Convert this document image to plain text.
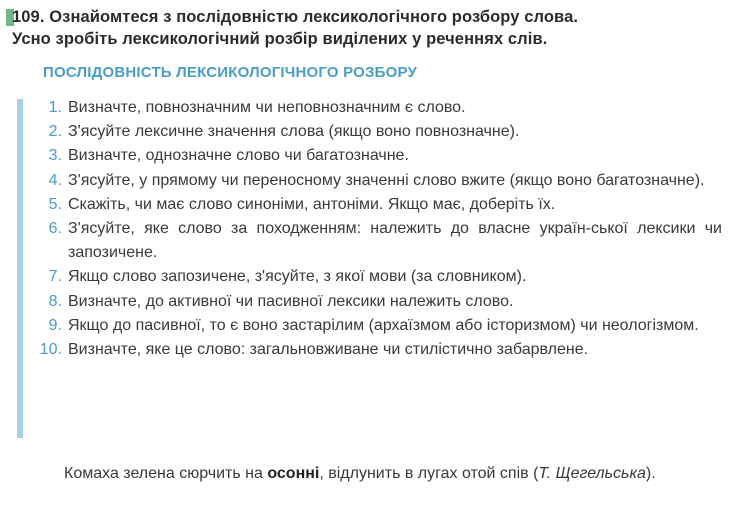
109. Ознайомтеся з послідовністю лексикологічного розбору слова.
Усно зробіть лексикологічний розбір виділених у реченнях слів.
ПОСЛІДОВНІСТЬ ЛЕКСИКОЛОГІЧНОГО РОЗБОРУ
1. Визначте, повнозначним чи неповнозначним є слово.
2. З'ясуйте лексичне значення слова (якщо воно повнозначне).
3. Визначте, однозначне слово чи багатозначне.
4. З'ясуйте, у прямому чи переносному значенні слово вжите (якщо воно багатозначне).
5. Скажіть, чи має слово синоніми, антоніми. Якщо має, доберіть їх.
6. З'ясуйте, яке слово за походженням: належить до власне україн-ської лексики чи запозичене.
7. Якщо слово запозичене, з'ясуйте, з якої мови (за словником).
8. Визначте, до активної чи пасивної лексики належить слово.
9. Якщо до пасивної, то є воно застарілим (архаїзмом або історизмом) чи неологізмом.
10. Визначте, яке це слово: загальновживане чи стилістично забарвлене.
Комаха зелена сюрчить на осонні, відлунить в лугах отой спів (Т. Щегельська).
